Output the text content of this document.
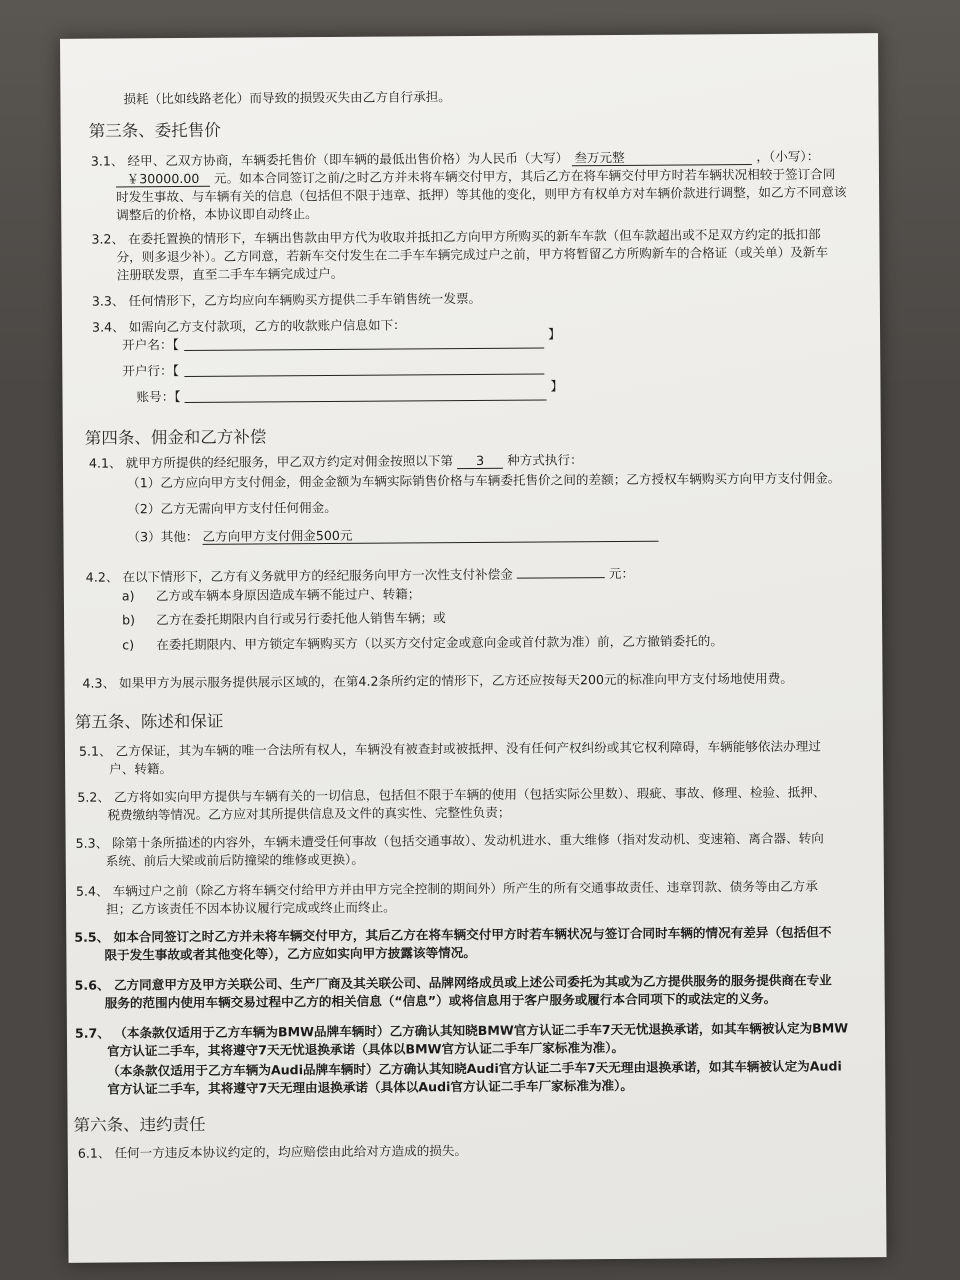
损耗（比如线路老化）而导致的损毁灭失由乙方自行承担。
第三条、委托售价
3.1、 经甲、乙双方协商，车辆委托售价（即车辆的最低出售价格）为人民币（大写） 叁万元整	，（小写）：
￥30000.00 元。如本合同签订之前/之时乙方并未将车辆交付甲方，其后乙方在将车辆交付甲方时若车辆状况相较于签订合同
时发生事故、与车辆有关的信息（包括但不限于违章、抵押）等其他的变化，则甲方有权单方对车辆价款进行调整，如乙方不同意该
调整后的价格，本协议即自动终止。
3.2、 在委托置换的情形下，车辆出售款由甲方代为收取并抵扣乙方向甲方所购买的新车车款（但车款超出或不足双方约定的抵扣部
分，则多退少补）。乙方同意，若新车交付发生在二手车车辆完成过户之前，甲方将暂留乙方所购新车的合格证（或关单）及新车
注册联发票，直至二手车车辆完成过户。
3.3、 任何情形下，乙方均应向车辆购买方提供二手车销售统一发票。
3.4、 如需向乙方支付款项，乙方的收款账户信息如下：
开户名：【
】
开户行：【
账号：【
】
第四条、佣金和乙方补偿
4.1、 就甲方所提供的经纪服务，甲乙双方约定对佣金按照以下第 3 种方式执行：
（1）乙方应向甲方支付佣金，佣金金额为车辆实际销售价格与车辆委托售价之间的差额；乙方授权车辆购买方向甲方支付佣金。
（2）乙方无需向甲方支付任何佣金。
（3）其他： 乙方向甲方支付佣金500元
4.2、 在以下情形下，乙方有义务就甲方的经纪服务向甲方一次性支付补偿金	元：
a) 乙方或车辆本身原因造成车辆不能过户、转籍；
b) 乙方在委托期限内自行或另行委托他人销售车辆；或
c) 在委托期限内、甲方锁定车辆购买方（以买方交付定金或意向金或首付款为准）前，乙方撤销委托的。
4.3、 如果甲方为展示服务提供展示区域的，在第4.2条所约定的情形下，乙方还应按每天200元的标准向甲方支付场地使用费。
第五条、陈述和保证
5.1、 乙方保证，其为车辆的唯一合法所有权人，车辆没有被查封或被抵押、没有任何产权纠纷或其它权利障碍，车辆能够依法办理过
户、转籍。
5.2、 乙方将如实向甲方提供与车辆有关的一切信息，包括但不限于车辆的使用（包括实际公里数）、瑕疵、事故、修理、检验、抵押、
税费缴纳等情况。乙方应对其所提供信息及文件的真实性、完整性负责；
5.3、 除第十条所描述的内容外，车辆未遭受任何事故（包括交通事故）、发动机进水、重大维修（指对发动机、变速箱、离合器、转向
系统、前后大梁或前后防撞梁的维修或更换）。
5.4、 车辆过户之前（除乙方将车辆交付给甲方并由甲方完全控制的期间外）所产生的所有交通事故责任、违章罚款、债务等由乙方承
担；乙方该责任不因本协议履行完成或终止而终止。
5.5、 如本合同签订之时乙方并未将车辆交付甲方，其后乙方在将车辆交付甲方时若车辆状况与签订合同时车辆的情况有差异（包括但不
限于发生事故或者其他变化等），乙方应如实向甲方披露该等情况。
5.6、 乙方同意甲方及甲方关联公司、生产厂商及其关联公司、品牌网络成员或上述公司委托为其或为乙方提供服务的服务提供商在专业
服务的范围内使用车辆交易过程中乙方的相关信息（“信息”）或将信息用于客户服务或履行本合同项下的或法定的义务。
5.7、 （本条款仅适用于乙方车辆为BMW品牌车辆时）乙方确认其知晓BMW官方认证二手车7天无忧退换承诺，如其车辆被认定为BMW
官方认证二手车，其将遵守7天无忧退换承诺（具体以BMW官方认证二手车厂家标准为准）。
（本条款仅适用于乙方车辆为Audi品牌车辆时）乙方确认其知晓Audi官方认证二手车7天无理由退换承诺，如其车辆被认定为Audi
官方认证二手车，其将遵守7天无理由退换承诺（具体以Audi官方认证二手车厂家标准为准）。
第六条、违约责任
6.1、 任何一方违反本协议约定的，均应赔偿由此给对方造成的损失。
